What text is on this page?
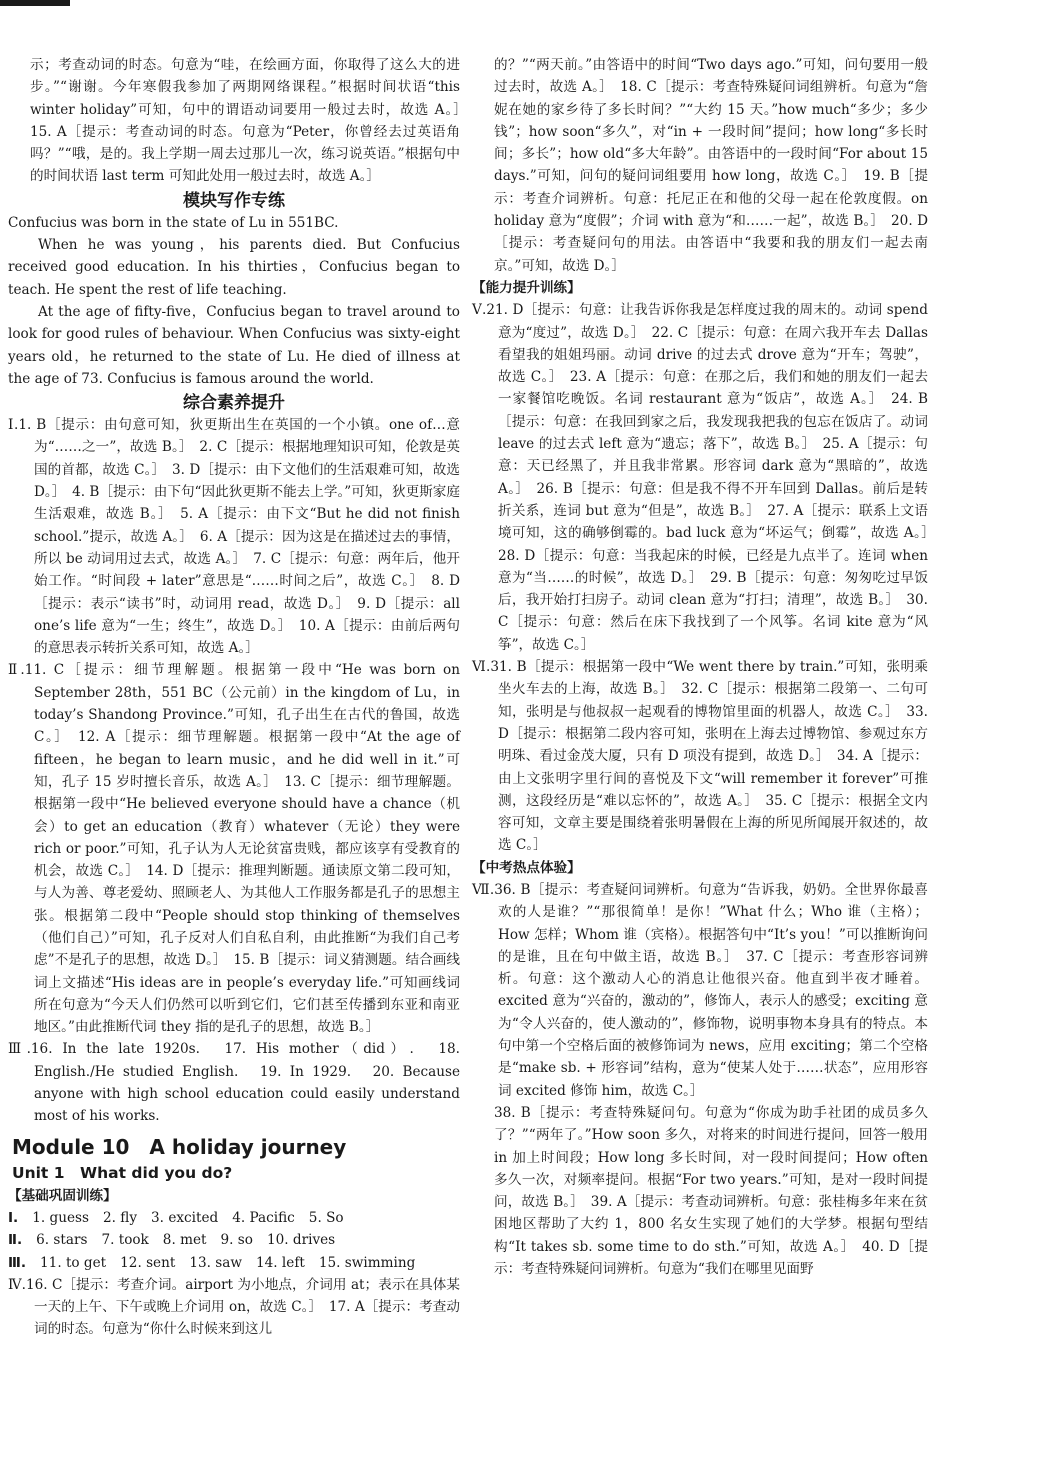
示；考查动词的时态。句意为“哇，在绘画方面，你取得了这么大的进步。”“谢谢。今年寒假我参加了两期网络课程。”根据时间状语“this winter holiday”可知，句中的谓语动词要用一般过去时，故选 A。］　15. A［提示：考查动词的时态。句意为“Peter，你曾经去过英语角吗？”“哦，是的。我上学期一周去过那儿一次，练习说英语。”根据句中的时间状语 last term 可知此处用一般过去时，故选 A。］

模块写作专练

Confucius was born in the state of Lu in 551BC.

When he was young，his parents died. But Confucius received good education. In his thirties，Confucius began to teach. He spent the rest of life teaching.

At the age of fifty-five，Confucius began to travel around to look for good rules of behaviour. When Confucius was sixty-eight years old，he returned to the state of Lu. He died of illness at the age of 73. Confucius is famous around the world.

综合素养提升

Ⅰ.1. B［提示：由句意可知，狄更斯出生在英国的一个小镇。one of…意为“……之一”，故选 B。］　2. C［提示：根据地理知识可知，伦敦是英国的首都，故选 C。］　3. D［提示：由下文他们的生活艰难可知，故选 D。］　4. B［提示：由下句“因此狄更斯不能去上学。”可知，狄更斯家庭生活艰难，故选 B。］　5. A［提示：由下文“But he did not finish school.”提示，故选 A。］　6. A［提示：因为这是在描述过去的事情，所以 be 动词用过去式，故选 A。］　7. C［提示：句意：两年后，他开始工作。“时间段 + later”意思是“……时间之后”，故选 C。］　8. D［提示：表示“读书”时，动词用 read，故选 D。］　9. D［提示：all one’s life 意为“一生；终生”，故选 D。］　10. A［提示：由前后两句的意思表示转折关系可知，故选 A。］

Ⅱ.11. C［提示：细节理解题。根据第一段中“He was born on September 28th，551 BC（公元前）in the kingdom of Lu，in today’s Shandong Province.”可知，孔子出生在古代的鲁国，故选 C。］　12. A［提示：细节理解题。根据第一段中“At the age of fifteen，he began to learn music，and he did well in it.”可知，孔子 15 岁时擅长音乐，故选 A。］　13. C［提示：细节理解题。根据第一段中“He believed everyone should have a chance（机会）to get an education（教育）whatever（无论）they were rich or poor.”可知，孔子认为人无论贫富贵贱，都应该享有受教育的机会，故选 C。］　14. D［提示：推理判断题。通读原文第二段可知，与人为善、尊老爱幼、照顾老人、为其他人工作服务都是孔子的思想主张。根据第二段中“People should stop thinking of themselves（他们自己）”可知，孔子反对人们自私自利，由此推断“为我们自己考虑”不是孔子的思想，故选 D。］　15. B［提示：词义猜测题。结合画线词上文描述“His ideas are in people’s everyday life.”可知画线词所在句意为“今天人们仍然可以听到它们，它们甚至传播到东亚和南亚地区。”由此推断代词 they 指的是孔子的思想，故选 B。］

Ⅲ.16. In the late 1920s.　17. His mother（did）.　18. English./He studied English.　19. In 1929.　20. Because anyone with high school education could easily understand most of his works.

Module 10　A holiday journey
Unit 1　What did you do?
【基础巩固训练】
Ⅰ. 1. guess 2. fly 3. excited 4. Pacific 5. So
Ⅱ. 6. stars 7. took 8. met 9. so 10. drives
Ⅲ. 11. to get 12. sent 13. saw 14. left 15. swimming

Ⅳ.16. C［提示：考查介词。airport 为小地点，介词用 at；表示在具体某一天的上午、下午或晚上介词用 on，故选 C。］　17. A［提示：考查动词的时态。句意为“你什么时候来到这儿

的？”“两天前。”由答语中的时间“Two days ago.”可知，问句要用一般过去时，故选 A。］　18. C［提示：考查特殊疑问词组辨析。句意为“詹妮在她的家乡待了多长时间？”“大约 15 天。”how much“多少；多少钱”；how soon“多久”，对“in + 一段时间”提问；how long“多长时间；多长”；how old“多大年龄”。由答语中的一段时间“For about 15 days.”可知，问句的疑问词组要用 how long，故选 C。］　19. B［提示：考查介词辨析。句意：托尼正在和他的父母一起在伦敦度假。on holiday 意为“度假”；介词 with 意为“和……一起”，故选 B。］　20. D［提示：考查疑问句的用法。由答语中“我要和我的朋友们一起去南京。”可知，故选 D。］

【能力提升训练】

Ⅴ.21. D［提示：句意：让我告诉你我是怎样度过我的周末的。动词 spend 意为“度过”，故选 D。］　22. C［提示：句意：在周六我开车去 Dallas 看望我的姐姐玛丽。动词 drive 的过去式 drove 意为“开车；驾驶”，故选 C。］　23. A［提示：句意：在那之后，我们和她的朋友们一起去一家餐馆吃晚饭。名词 restaurant 意为“饭店”，故选 A。］　24. B［提示：句意：在我回到家之后，我发现我把我的包忘在饭店了。动词 leave 的过去式 left 意为“遗忘；落下”，故选 B。］　25. A［提示：句意：天已经黑了，并且我非常累。形容词 dark 意为“黑暗的”，故选 A。］　26. B［提示：句意：但是我不得不开车回到 Dallas。前后是转折关系，连词 but 意为“但是”，故选 B。］　27. A［提示：联系上文语境可知，这的确够倒霉的。bad luck 意为“坏运气；倒霉”，故选 A。］　28. D［提示：句意：当我起床的时候，已经是九点半了。连词 when 意为“当……的时候”，故选 D。］　29. B［提示：句意：匆匆吃过早饭后，我开始打扫房子。动词 clean 意为“打扫；清理”，故选 B。］　30. C［提示：句意：然后在床下我找到了一个风筝。名词 kite 意为“风筝”，故选 C。］

Ⅵ.31. B［提示：根据第一段中“We went there by train.”可知，张明乘坐火车去的上海，故选 B。］　32. C［提示：根据第二段第一、二句可知，张明是与他叔叔一起观看的博物馆里面的机器人，故选 C。］　33. D［提示：根据第二段内容可知，张明在上海去过博物馆、参观过东方明珠、看过金茂大厦，只有 D 项没有提到，故选 D。］　34. A［提示：由上文张明字里行间的喜悦及下文“will remember it forever”可推测，这段经历是“难以忘怀的”，故选 A。］　35. C［提示：根据全文内容可知，文章主要是围绕着张明暑假在上海的所见所闻展开叙述的，故选 C。］

【中考热点体验】

Ⅶ.36. B［提示：考查疑问词辨析。句意为“告诉我，奶奶。全世界你最喜欢的人是谁？”“那很简单！是你！”What 什么；Who 谁（主格）；How 怎样；Whom 谁（宾格）。根据答句中“It’s you！”可以推断询问的是谁，且在句中做主语，故选 B。］　37. C［提示：考查形容词辨析。句意：这个激动人心的消息让他很兴奋。他直到半夜才睡着。excited 意为“兴奋的，激动的”，修饰人，表示人的感受；exciting 意为“令人兴奋的，使人激动的”，修饰物，说明事物本身具有的特点。本句中第一个空格后面的被修饰词为 news，应用 exciting；第二个空格是“make sb. + 形容词”结构，意为“使某人处于……状态”，应用形容词 excited 修饰 him，故选 C。］

38. B［提示：考查特殊疑问句。句意为“你成为助手社团的成员多久了？”“两年了。”How soon 多久，对将来的时间进行提问，回答一般用 in 加上时间段；How long 多长时间，对一段时间提问；How often 多久一次，对频率提问。根据“For two years.”可知，是对一段时间提问，故选 B。］　39. A［提示：考查动词辨析。句意：张桂梅多年来在贫困地区帮助了大约 1，800 名女生实现了她们的大学梦。根据句型结构“It takes sb. some time to do sth.”可知，故选 A。］　40. D［提示：考查特殊疑问词辨析。句意为“我们在哪里见面野
